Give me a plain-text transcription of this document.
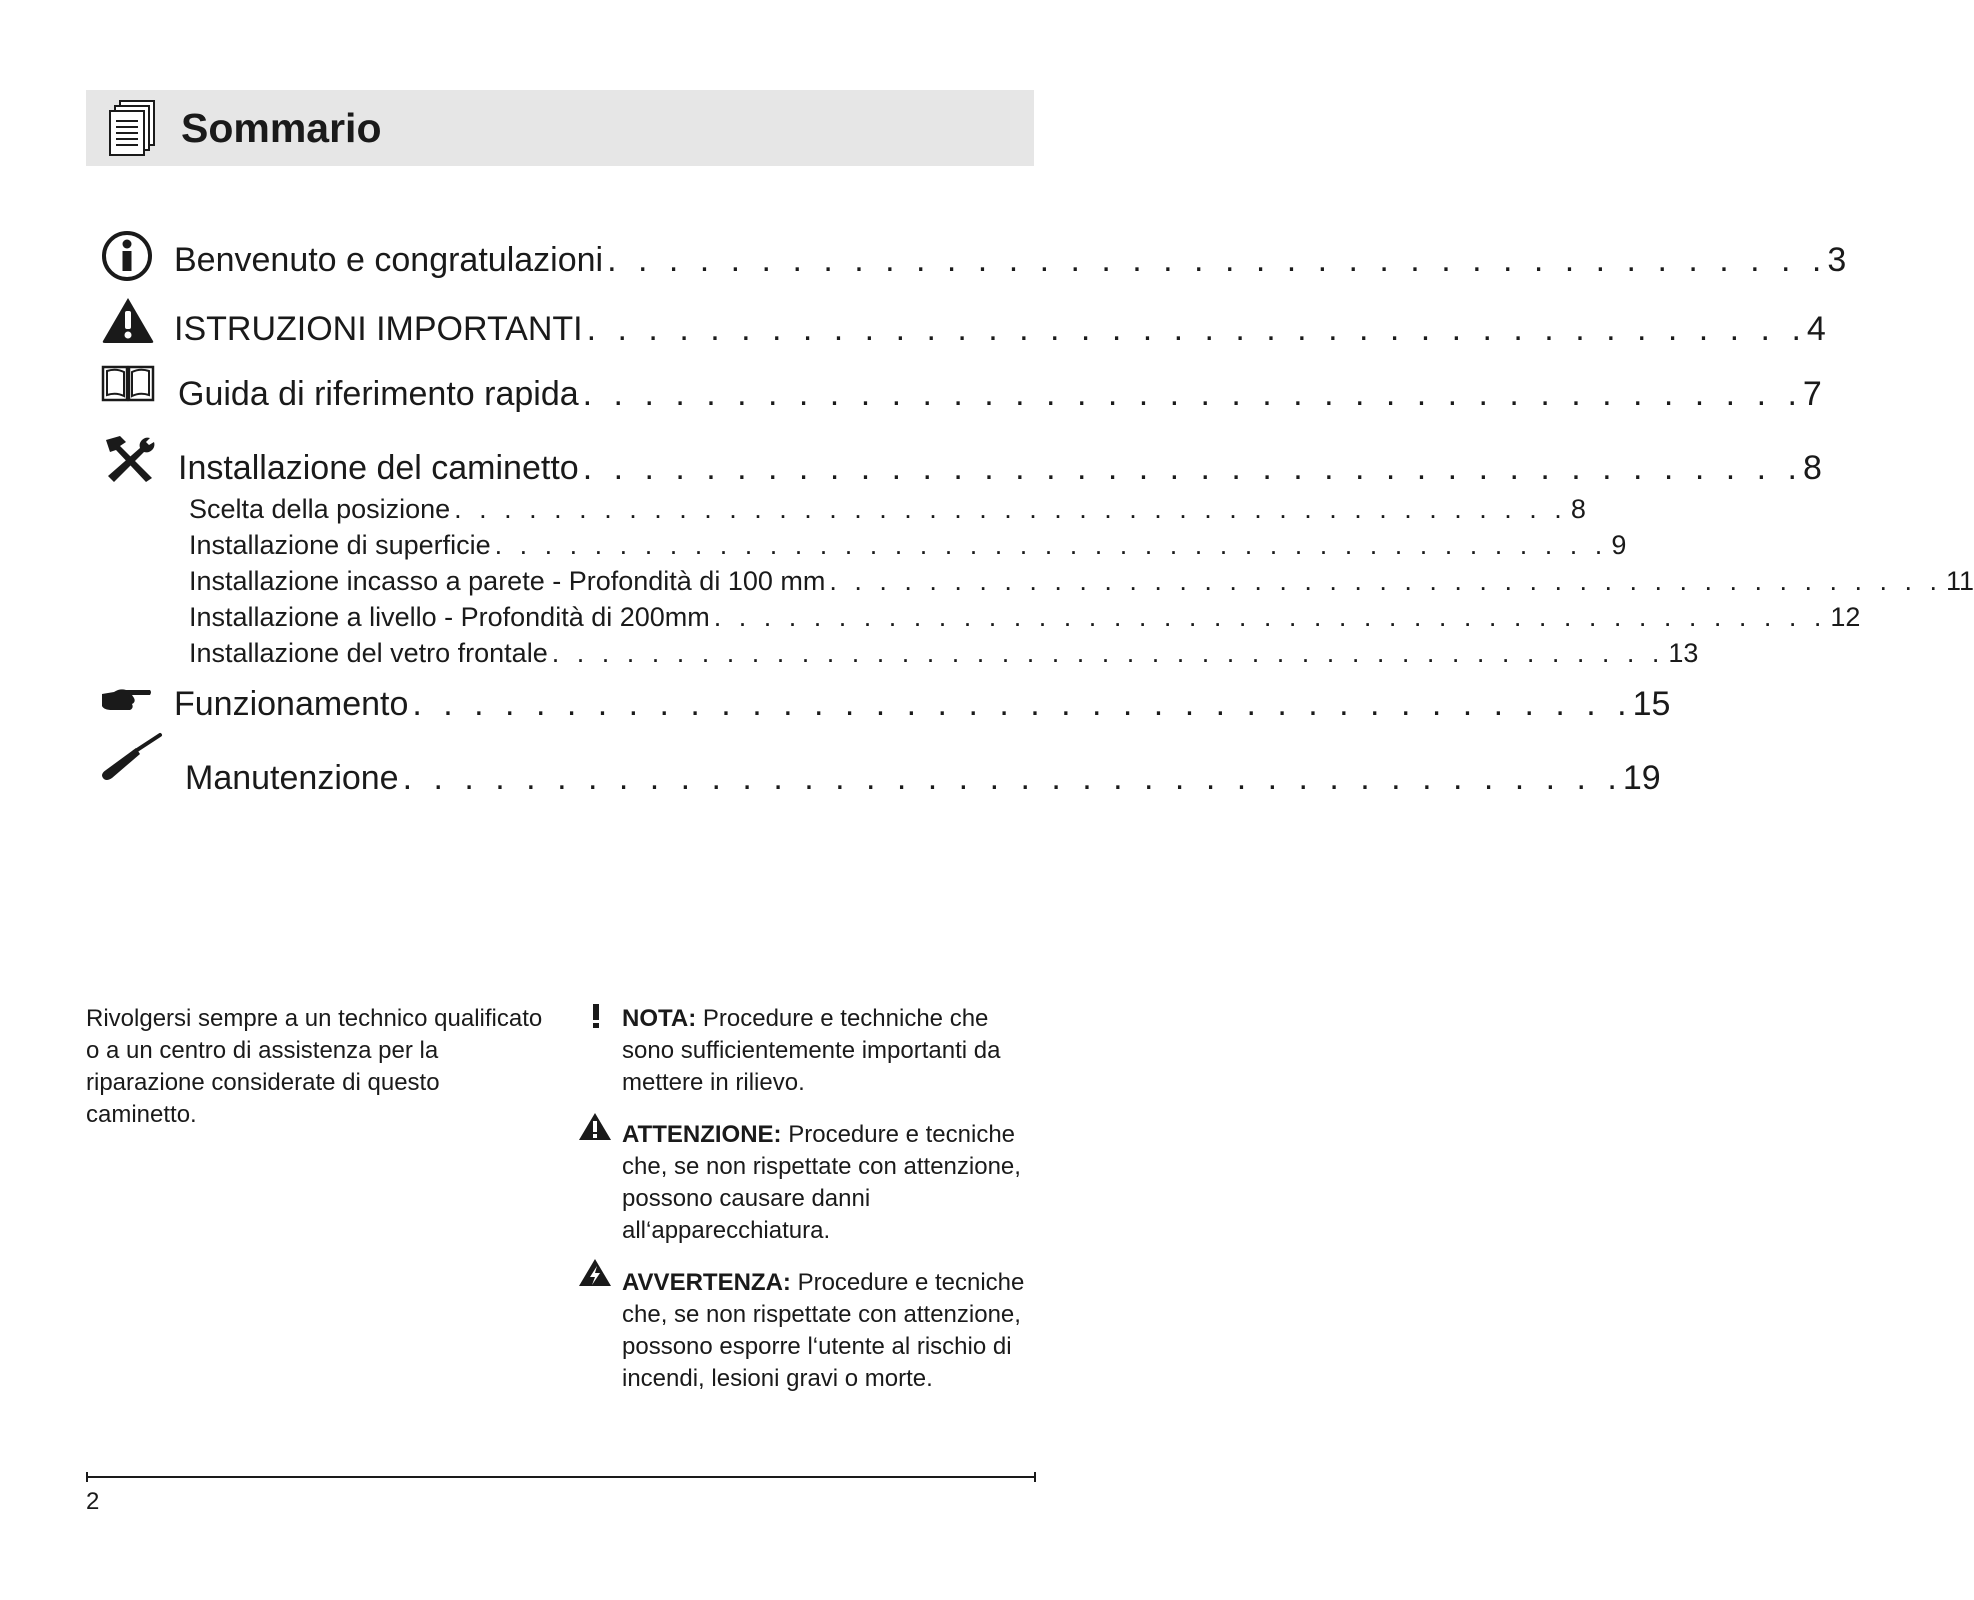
Sommario
Benvenuto e congratulazioni . . . . . . . . . . . . . . . . . . . . . . . . . . . . . . . . . . . . . . . . 3
ISTRUZIONI IMPORTANTI . . . . . . . . . . . . . . . . . . . . . . . . . . . . . . . . . . . . . . . . 4
Guida di riferimento rapida . . . . . . . . . . . . . . . . . . . . . . . . . . . . . . . . . . . . . . . . 7
Installazione del caminetto . . . . . . . . . . . . . . . . . . . . . . . . . . . . . . . . . . . . . . . . 8
Scelta della posizione . . . . . . . . . . . . . . . . . . . . . . . . . . . . . . . . . . . . . . . . . . . . . 8
Installazione di superficie . . . . . . . . . . . . . . . . . . . . . . . . . . . . . . . . . . . . . . . . . . . . . 9
Installazione incasso a parete - Profondità di 100 mm . . . . . . . . . . . . . . . . . . . . . . . . . . . . . . . . . . . . . . . . . . . . . 11
Installazione a livello - Profondità di 200mm . . . . . . . . . . . . . . . . . . . . . . . . . . . . . . . . . . . . . . . . . . . . . 12
Installazione del vetro frontale . . . . . . . . . . . . . . . . . . . . . . . . . . . . . . . . . . . . . . . . . . . . . 13
Funzionamento . . . . . . . . . . . . . . . . . . . . . . . . . . . . . . . . . . . . . . . . 15
Manutenzione . . . . . . . . . . . . . . . . . . . . . . . . . . . . . . . . . . . . . . . . 19
Rivolgersi sempre a un technico qualificato o a un centro di assistenza per la riparazione considerate di questo caminetto.
NOTA: Procedure e techniche che sono sufficientemente importanti da mettere in rilievo.
ATTENZIONE: Procedure e tecniche che, se non rispettate con attenzione, possono causare danni all‘apparecchiatura.
AVVERTENZA: Procedure e tecniche che, se non rispettate con attenzione, possono esporre l‘utente al rischio di incendi, lesioni gravi o morte.
2
